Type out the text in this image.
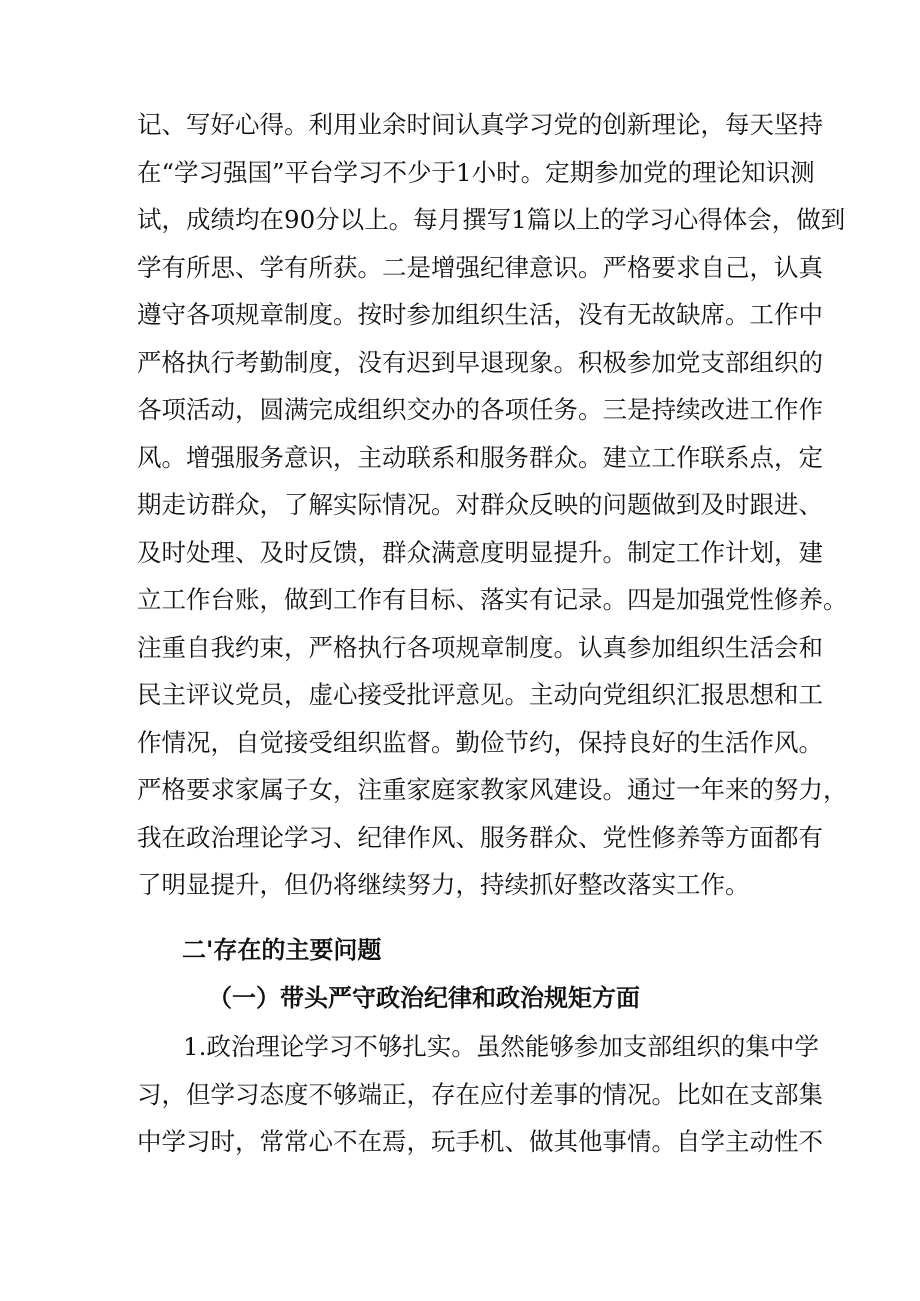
记、写好心得。利用业余时间认真学习党的创新理论，每天坚持
在“学习强国”平台学习不少于1小时。定期参加党的理论知识测
试，成绩均在90分以上。每月撰写1篇以上的学习心得体会，做到
学有所思、学有所获。二是增强纪律意识。严格要求自己，认真
遵守各项规章制度。按时参加组织生活，没有无故缺席。工作中
严格执行考勤制度，没有迟到早退现象。积极参加党支部组织的
各项活动，圆满完成组织交办的各项任务。三是持续改进工作作
风。增强服务意识，主动联系和服务群众。建立工作联系点，定
期走访群众，了解实际情况。对群众反映的问题做到及时跟进、
及时处理、及时反馈，群众满意度明显提升。制定工作计划，建
立工作台账，做到工作有目标、落实有记录。四是加强党性修养。
注重自我约束，严格执行各项规章制度。认真参加组织生活会和
民主评议党员，虚心接受批评意见。主动向党组织汇报思想和工
作情况，自觉接受组织监督。勤俭节约，保持良好的生活作风。
严格要求家属子女，注重家庭家教家风建设。通过一年来的努力，
我在政治理论学习、纪律作风、服务群众、党性修养等方面都有
了明显提升，但仍将继续努力，持续抓好整改落实工作。
二'存在的主要问题
（一）带头严守政治纪律和政治规矩方面
1.政治理论学习不够扎实。虽然能够参加支部组织的集中学
习，但学习态度不够端正，存在应付差事的情况。比如在支部集
中学习时，常常心不在焉，玩手机、做其他事情。自学主动性不
